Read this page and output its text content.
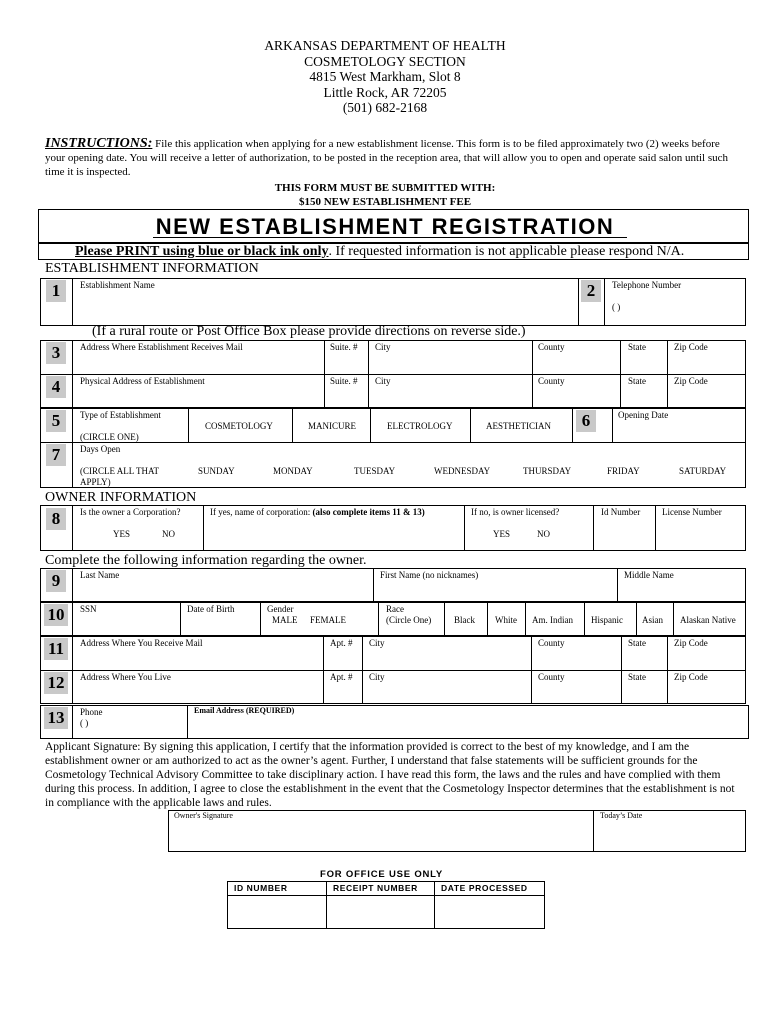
ARKANSAS DEPARTMENT OF HEALTH
COSMETOLOGY SECTION
4815 West Markham, Slot 8
Little Rock, AR 72205
(501) 682-2168
INSTRUCTIONS: File this application when applying for a new establishment license. This form is to be filed approximately two (2) weeks before your opening date. You will receive a letter of authorization, to be posted in the reception area, that will allow you to open and operate said salon until such time it is inspected.
THIS FORM MUST BE SUBMITTED WITH:
$150 NEW ESTABLISHMENT FEE
NEW ESTABLISHMENT REGISTRATION
Please PRINT using blue or black ink only. If requested information is not applicable please respond N/A.
ESTABLISHMENT INFORMATION
1	Establishment Name	2	Telephone Number
( )
(If a rural route or Post Office Box please provide directions on reverse side.)
3	Address Where Establishment Receives Mail	Suite. # City	County	State	Zip Code
4	Physical Address of Establishment	Suite. # City	County	State	Zip Code
5	Type of Establishment
(CIRCLE ONE)
COSMETOLOGY	MANICURE	ELECTROLOGY	AESTHETICIAN	6	Opening Date
7	Days Open
(CIRCLE ALL THAT
APPLY)
SUNDAY	MONDAY	TUESDAY	WEDNESDAY	THURSDAY	FRIDAY	SATURDAY
OWNER INFORMATION
8	Is the owner a Corporation?
YES	NO
If yes, name of corporation: (also complete items 11 & 13)	If no, is owner licensed?
YES	NO
Id Number License Number
Complete the following information regarding the owner.
9	Last Name	First Name (no nicknames)	Middle Name
10	SSN	Date of Birth	Gender
MALE FEMALE
Race
(Circle One)	Black White Am. Indian Hispanic Asian Alaskan Native
11	Address Where You Receive Mail	Apt. # City	County	State	Zip Code
12	Address Where You Live	Apt. # City	County	State	Zip Code
13	Phone
( )
Email Address (REQUIRED)
Applicant Signature: By signing this application, I certify that the information provided is correct to the best of my knowledge, and I am the establishment owner or am authorized to act as the owner’s agent. Further, I understand that false statements will be sufficient grounds for the Cosmetology Technical Advisory Committee to take disciplinary action. I have read this form, the laws and the rules and have complied with them during this process. In addition, I agree to close the establishment in the event that the Cosmetology Inspector determines that the establishment is not in compliance with the applicable laws and rules.
Owner's Signature	Today’s Date
FOR OFFICE USE ONLY
ID NUMBER	RECEIPT NUMBER	DATE PROCESSED
